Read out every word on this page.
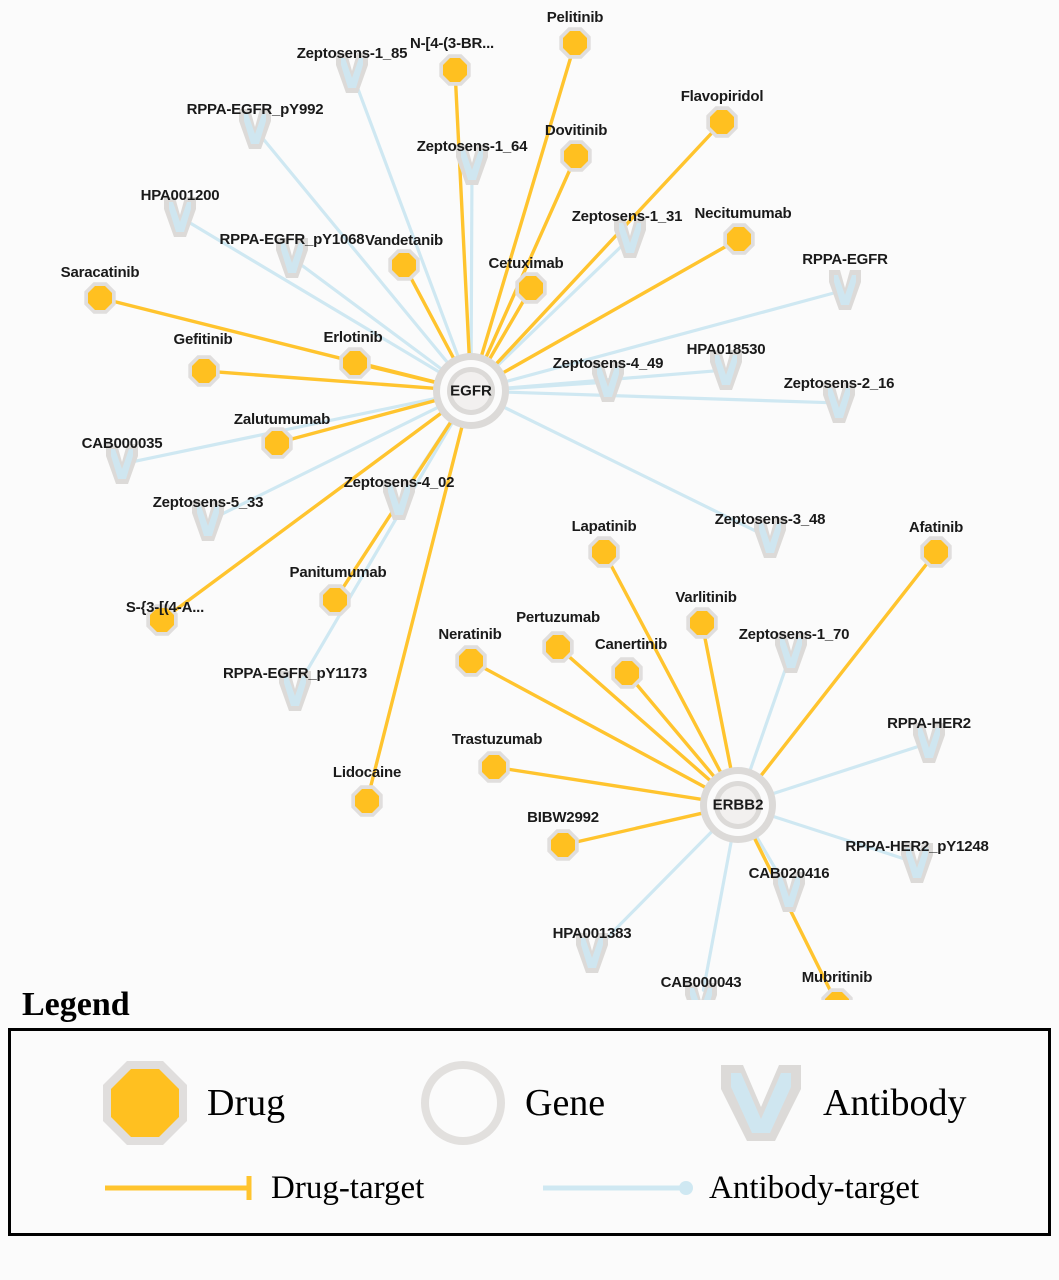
Zeptosens-1_85
RPPA-EGFR_pY992
Zeptosens-1_64
HPA001200
Zeptosens-1_31
RPPA-EGFR_pY1068
RPPA-EGFR
HPA018530
Zeptosens-4_49
Zeptosens-2_16
CAB000035
Zeptosens-5_33
Zeptosens-4_02
Zeptosens-3_48
Zeptosens-1_70
RPPA-EGFR_pY1173
RPPA-HER2
RPPA-HER2_pY1248
CAB020416
HPA001383
CAB000043
Pelitinib
N-[4-(3-BR...
Flavopiridol
Dovitinib
Necitumumab
Vandetanib
Cetuximab
Saracatinib
Erlotinib
Gefitinib
Zalutumumab
Lapatinib	Afatinib
Panitumumab
S-{3-[(4-A...
Varlitinib
Pertuzumab
Canertinib
Neratinib
Trastuzumab
Lidocaine
BIBW2992
Mubritinib
EGFR
ERBB2
Legend
Drug	Gene	Antibody
Drug-target	Antibody-target
